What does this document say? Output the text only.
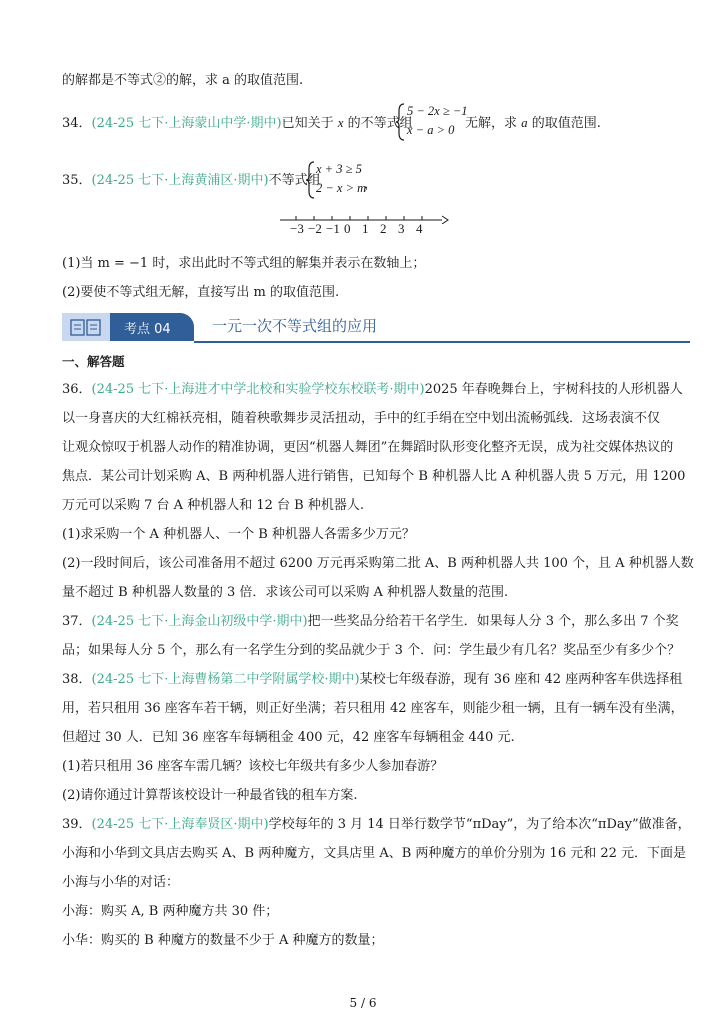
的解都是不等式②的解，求 a 的取值范围.
34．(24-25 七下·上海蒙山中学·期中)已知关于 x 的不等式组
5 − 2x ≥ −1
x − a > 0 无解，求 a 的取值范围.
35．(24-25 七下·上海黄浦区·期中)不等式组
x + 3 ≥ 5
2 − x > m
，
−3 −2 −1 0 1 2 3 4
(1)当 m = −1 时，求出此时不等式组的解集并表示在数轴上；
(2)要使不等式组无解，直接写出 m 的取值范围.
考点 04	一元一次不等式组的应用
一、解答题
36．(24-25 七下·上海进才中学北校和实验学校东校联考·期中)2025 年春晚舞台上，宇树科技的人形机器人
以一身喜庆的大红棉袄亮相，随着秧歌舞步灵活扭动，手中的红手绢在空中划出流畅弧线．这场表演不仅
让观众惊叹于机器人动作的精准协调，更因“机器人舞团”在舞蹈时队形变化整齐无误，成为社交媒体热议的
焦点．某公司计划采购 A、B 两种机器人进行销售，已知每个 B 种机器人比 A 种机器人贵 5 万元，用 1200
万元可以采购 7 台 A 种机器人和 12 台 B 种机器人.
(1)求采购一个 A 种机器人、一个 B 种机器人各需多少万元？
(2)一段时间后，该公司准备用不超过 6200 万元再采购第二批 A、B 两种机器人共 100 个，且 A 种机器人数
量不超过 B 种机器人数量的 3 倍．求该公司可以采购 A 种机器人数量的范围.
37．(24-25 七下·上海金山初级中学·期中)把一些奖品分给若干名学生．如果每人分 3 个，那么多出 7 个奖
品；如果每人分 5 个，那么有一名学生分到的奖品就少于 3 个．问：学生最少有几名？奖品至少有多少个？
38．(24-25 七下·上海曹杨第二中学附属学校·期中)某校七年级春游，现有 36 座和 42 座两种客车供选择租
用，若只租用 36 座客车若干辆，则正好坐满；若只租用 42 座客车，则能少租一辆，且有一辆车没有坐满，
但超过 30 人．已知 36 座客车每辆租金 400 元，42 座客车每辆租金 440 元.
(1)若只租用 36 座客车需几辆？该校七年级共有多少人参加春游？
(2)请你通过计算帮该校设计一种最省钱的租车方案.
39．(24-25 七下·上海奉贤区·期中)学校每年的 3 月 14 日举行数学节“πDay”，为了给本次“πDay”做准备，
小海和小华到文具店去购买 A、B 两种魔方，文具店里 A、B 两种魔方的单价分别为 16 元和 22 元．下面是
小海与小华的对话：
小海：购买 A, B 两种魔方共 30 件；
小华：购买的 B 种魔方的数量不少于 A 种魔方的数量；
5 / 6
